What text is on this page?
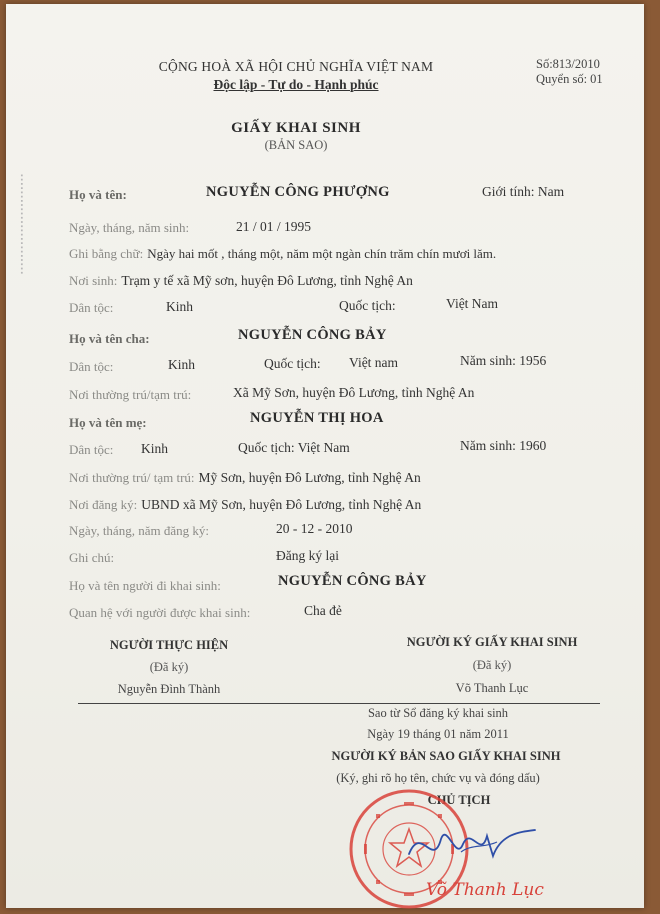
▪ ▪ ▪ ▪ ▪ ▪ ▪ ▪ ▪ ▪ ▪ ▪ ▪ ▪ ▪ ▪ ▪ ▪ ▪ ▪ ▪ ▪ ▪ ▪
CỘNG HOÀ XÃ HỘI CHỦ NGHĨA VIỆT NAM
Độc lập - Tự do - Hạnh phúc
Số:813/2010
Quyển số: 01
GIẤY KHAI SINH
(BẢN SAO)
Họ và tên:	NGUYỄN CÔNG PHƯỢNG	Giới tính: Nam
Ngày, tháng, năm sinh:	21 / 01 / 1995
Ghi bằng chữ: Ngày hai mốt , tháng một, năm một ngàn chín trăm chín mươi lăm.
Nơi sinh: Trạm y tế xã Mỹ sơn, huyện Đô Lương, tỉnh Nghệ An
Dân tộc:	Kinh	Quốc tịch:	Việt Nam
Họ và tên cha:	NGUYỄN CÔNG BẢY
Dân tộc:	Kinh	Quốc tịch: Việt nam	Năm sinh: 1956
Nơi thường trú/tạm trú:	Xã Mỹ Sơn, huyện Đô Lương, tỉnh Nghệ An
Họ và tên mẹ:	NGUYỄN THỊ HOA
Dân tộc: Kinh	Quốc tịch: Việt Nam	Năm sinh: 1960
Nơi thường trú/ tạm trú: Mỹ Sơn, huyện Đô Lương, tỉnh Nghệ An
Nơi đăng ký: UBND xã Mỹ Sơn, huyện Đô Lương, tỉnh Nghệ An
Ngày, tháng, năm đăng ký:	20 - 12 - 2010
Ghi chú:	Đăng ký lại
Họ và tên người đi khai sinh:	NGUYỄN CÔNG BẢY
Quan hệ với người được khai sinh:	Cha đẻ
NGƯỜI THỰC HIỆN
(Đã ký)
Nguyễn Đình Thành
NGƯỜI KÝ GIẤY KHAI SINH
(Đã ký)
Võ Thanh Lục
Sao từ Sổ đăng ký khai sinh
Ngày 19 tháng 01 năm 2011
NGƯỜI KÝ BẢN SAO GIẤY KHAI SINH
(Ký, ghi rõ họ tên, chức vụ và đóng dấu)
CHỦ TỊCH
Võ Thanh Lục
